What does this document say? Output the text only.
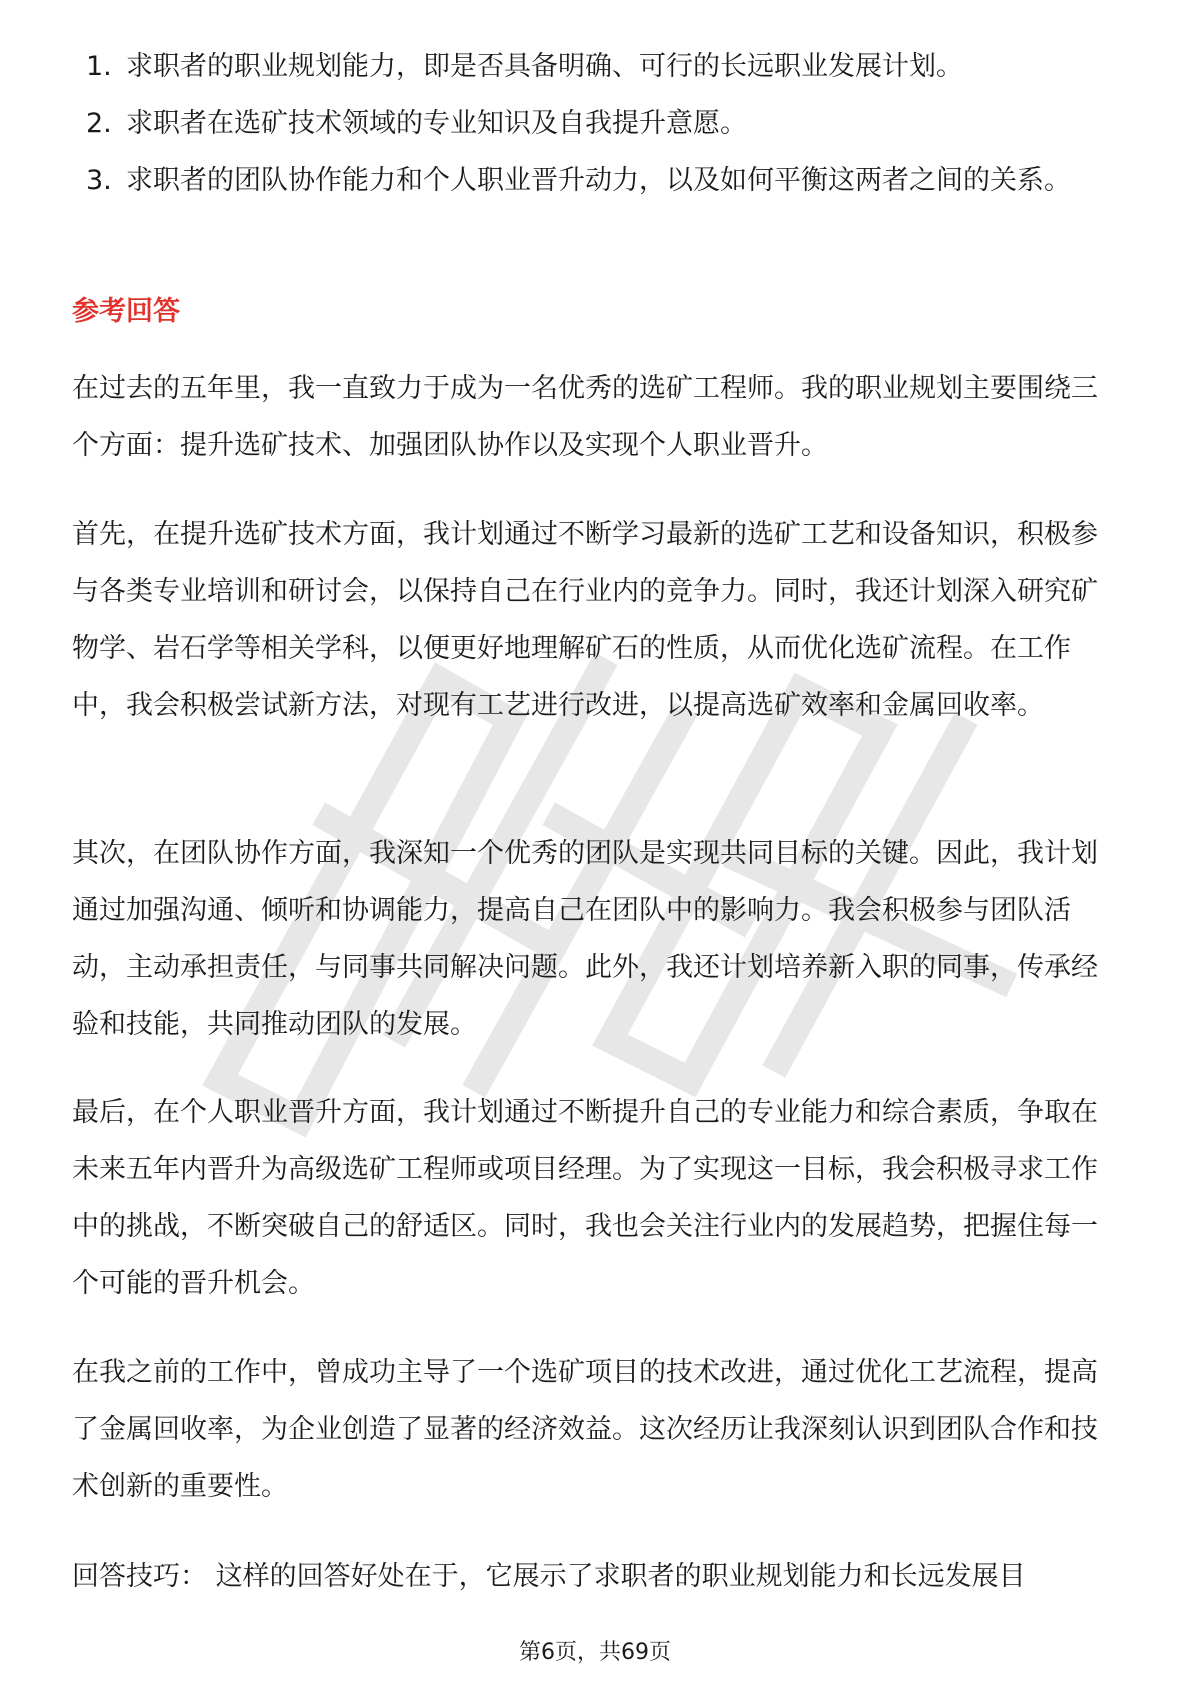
1. 求职者的职业规划能力，即是否具备明确、可行的长远职业发展计划。
2. 求职者在选矿技术领域的专业知识及自我提升意愿。
3. 求职者的团队协作能力和个人职业晋升动力，以及如何平衡这两者之间的关系。
参考回答

在过去的五年里，我一直致力于成为一名优秀的选矿工程师。我的职业规划主要围绕三个方面：提升选矿技术、加强团队协作以及实现个人职业晋升。

首先，在提升选矿技术方面，我计划通过不断学习最新的选矿工艺和设备知识，积极参与各类专业培训和研讨会，以保持自己在行业内的竞争力。同时，我还计划深入研究矿物学、岩石学等相关学科，以便更好地理解矿石的性质，从而优化选矿流程。在工作中，我会积极尝试新方法，对现有工艺进行改进，以提高选矿效率和金属回收率。

其次，在团队协作方面，我深知一个优秀的团队是实现共同目标的关键。因此，我计划通过加强沟通、倾听和协调能力，提高自己在团队中的影响力。我会积极参与团队活动，主动承担责任，与同事共同解决问题。此外，我还计划培养新入职的同事，传承经验和技能，共同推动团队的发展。

最后，在个人职业晋升方面，我计划通过不断提升自己的专业能力和综合素质，争取在未来五年内晋升为高级选矿工程师或项目经理。为了实现这一目标，我会积极寻求工作中的挑战，不断突破自己的舒适区。同时，我也会关注行业内的发展趋势，把握住每一个可能的晋升机会。

在我之前的工作中，曾成功主导了一个选矿项目的技术改进，通过优化工艺流程，提高了金属回收率，为企业创造了显著的经济效益。这次经历让我深刻认识到团队合作和技术创新的重要性。

回答技巧： 这样的回答好处在于，它展示了求职者的职业规划能力和长远发展目

第6页，共69页
